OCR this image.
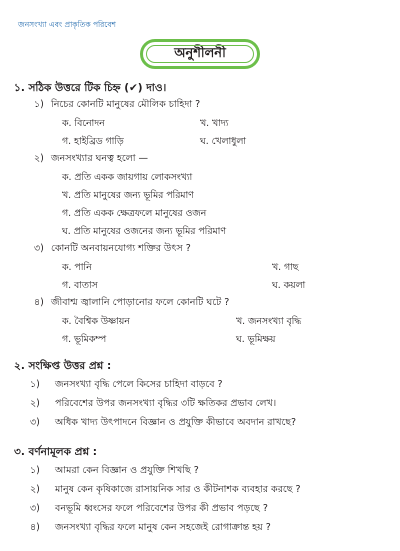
জনসংখ্যা এবং প্রাকৃতিক পরিবেশ
অনুশীলনী
১. সঠিক উত্তরে টিক চিহ্ন (✔) দাও।
১) নিচের কোনটি মানুষের মৌলিক চাহিদা ?
ক. বিনোদন	খ. খাদ্য
গ. হাইব্রিড গাড়ি	ঘ. খেলাধুলা
২) জনসংখ্যার ঘনত্ব হলো —
ক. প্রতি একক জায়গায় লোকসংখ্যা
খ. প্রতি মানুষের জন্য ভূমির পরিমাণ
গ. প্রতি একক ক্ষেত্রফলে মানুষের ওজন
ঘ. প্রতি মানুষের ওজনের জন্য ভূমির পরিমাণ
৩) কোনটি অনবায়নযোগ্য শক্তির উৎস ?
ক. পানি	খ. গাছ
গ. বাতাস	ঘ. কয়লা
৪) জীবাশ্ম জ্বালানি পোড়ানোর ফলে কোনটি ঘটে ?
ক. বৈশ্বিক উষ্ণায়ন	খ. জনসংখ্যা বৃদ্ধি
গ. ভূমিকম্প	ঘ. ভূমিক্ষয়
২. সংক্ষিপ্ত উত্তর প্রশ্ন :
১) জনসংখ্যা বৃদ্ধি পেলে কিসের চাহিদা বাড়বে ?
২) পরিবেশের উপর জনসংখ্যা বৃদ্ধির ৩টি ক্ষতিকর প্রভাব লেখ।
৩) অধিক খাদ্য উৎপাদনে বিজ্ঞান ও প্রযুক্তি কীভাবে অবদান রাখছে?
৩. বর্ণনামূলক প্রশ্ন :
১) আমরা কেন বিজ্ঞান ও প্রযুক্তি শিখছি ?
২) মানুষ কেন কৃষিকাজে রাসায়নিক সার ও কীটনাশক ব্যবহার করছে ?
৩) বনভূমি ধ্বংসের ফলে পরিবেশের উপর কী প্রভাব পড়ছে ?
৪) জনসংখ্যা বৃদ্ধির ফলে মানুষ কেন সহজেই রোগাক্রান্ত হয় ?
